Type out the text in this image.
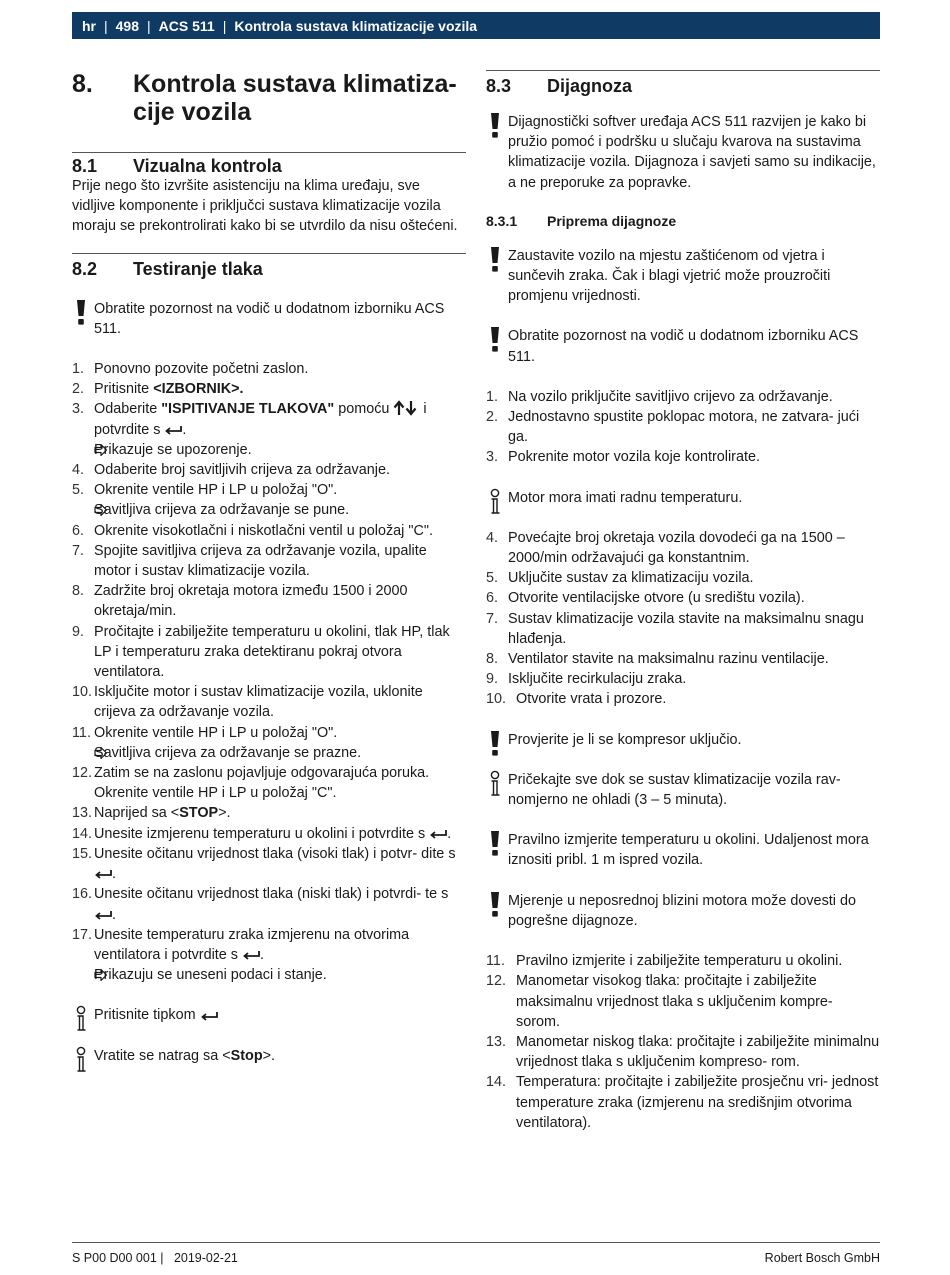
hr | 498 | ACS 511 | Kontrola sustava klimatizacije vozila
8.	Kontrola sustava klimatiza-
cije vozila
8.1	Vizualna kontrola
Prije nego što izvršite asistenciju na klima uređaju, sve vidljive komponente i priključci sustava klimatizacije vozila moraju se prekontrolirati kako bi se utvrdilo da nisu oštećeni.
8.2	Testiranje tlaka
Obratite pozornost na vodič u dodatnom izborniku ACS 511.
1. Ponovno pozovite početni zaslon.
2. Pritisnite <IZBORNIK>.
3. Odaberite "ISPITIVANJE TLAKOVA" pomoću  i potvrdite s .
Prikazuje se upozorenje.
4. Odaberite broj savitljivih crijeva za održavanje.
5. Okrenite ventile HP i LP u položaj "O".
Savitljiva crijeva za održavanje se pune.
6. Okrenite visokotlačni i niskotlačni ventil u položaj "C".
7. Spojite savitljiva crijeva za održavanje vozila, upalite motor i sustav klimatizacije vozila.
8. Zadržite broj okretaja motora između 1500 i 2000 okretaja/min.
9. Pročitajte i zabilježite temperaturu u okolini, tlak HP, tlak LP i temperaturu zraka detektiranu pokraj otvora ventilatora.
10. Isključite motor i sustav klimatizacije vozila, uklonite crijeva za održavanje vozila.
11. Okrenite ventile HP i LP u položaj "O".
Savitljiva crijeva za održavanje se prazne.
12. Zatim se na zaslonu pojavljuje odgovarajuća poruka. Okrenite ventile HP i LP u položaj "C".
13. Naprijed sa <STOP>.
14. Unesite izmjerenu temperaturu u okolini i potvrdite s .
15. Unesite očitanu vrijednost tlaka (visoki tlak) i potvr- dite s .
16. Unesite očitanu vrijednost tlaka (niski tlak) i potvrdi- te s .
17. Unesite temperaturu zraka izmjerenu na otvorima ventilatora i potvrdite s .
Prikazuju se uneseni podaci i stanje.
Pritisnite tipkom
Vratite se natrag sa <Stop>.
8.3	Dijagnoza
Dijagnostički softver uređaja ACS 511 razvijen je kako bi pružio pomoć i podršku u slučaju kvarova na sustavima klimatizacije vozila. Dijagnoza i savjeti samo su indikacije, a ne preporuke za popravke.
8.3.1	Priprema dijagnoze
Zaustavite vozilo na mjestu zaštićenom od vjetra i sunčevih zraka. Čak i blagi vjetrić može prouzročiti promjenu vrijednosti.
Obratite pozornost na vodič u dodatnom izborniku ACS 511.
1. Na vozilo priključite savitljivo crijevo za održavanje.
2. Jednostavno spustite poklopac motora, ne zatvara- jući ga.
3. Pokrenite motor vozila koje kontrolirate.
Motor mora imati radnu temperaturu.
4. Povećajte broj okretaja vozila dovodeći ga na 1500 – 2000/min održavajući ga konstantnim.
5. Uključite sustav za klimatizaciju vozila.
6. Otvorite ventilacijske otvore (u središtu vozila).
7. Sustav klimatizacije vozila stavite na maksimalnu snagu hlađenja.
8. Ventilator stavite na maksimalnu razinu ventilacije.
9. Isključite recirkulaciju zraka.
10. Otvorite vrata i prozore.
Provjerite je li se kompresor uključio.
Pričekajte sve dok se sustav klimatizacije vozila rav- nomjerno ne ohladi (3 – 5 minuta).
Pravilno izmjerite temperaturu u okolini. Udaljenost mora iznositi pribl. 1 m ispred vozila.
Mjerenje u neposrednoj blizini motora može dovesti do pogrešne dijagnoze.
11. Pravilno izmjerite i zabilježite temperaturu u okolini.
12. Manometar visokog tlaka: pročitajte i zabilježite maksimalnu vrijednost tlaka s uključenim kompre- sorom.
13. Manometar niskog tlaka: pročitajte i zabilježite minimalnu vrijednost tlaka s uključenim kompreso- rom.
14. Temperatura: pročitajte i zabilježite prosječnu vri- jednost temperature zraka (izmjerenu na središnjim otvorima ventilatora).
S P00 D00 001 |   2019-02-21	Robert Bosch GmbH
